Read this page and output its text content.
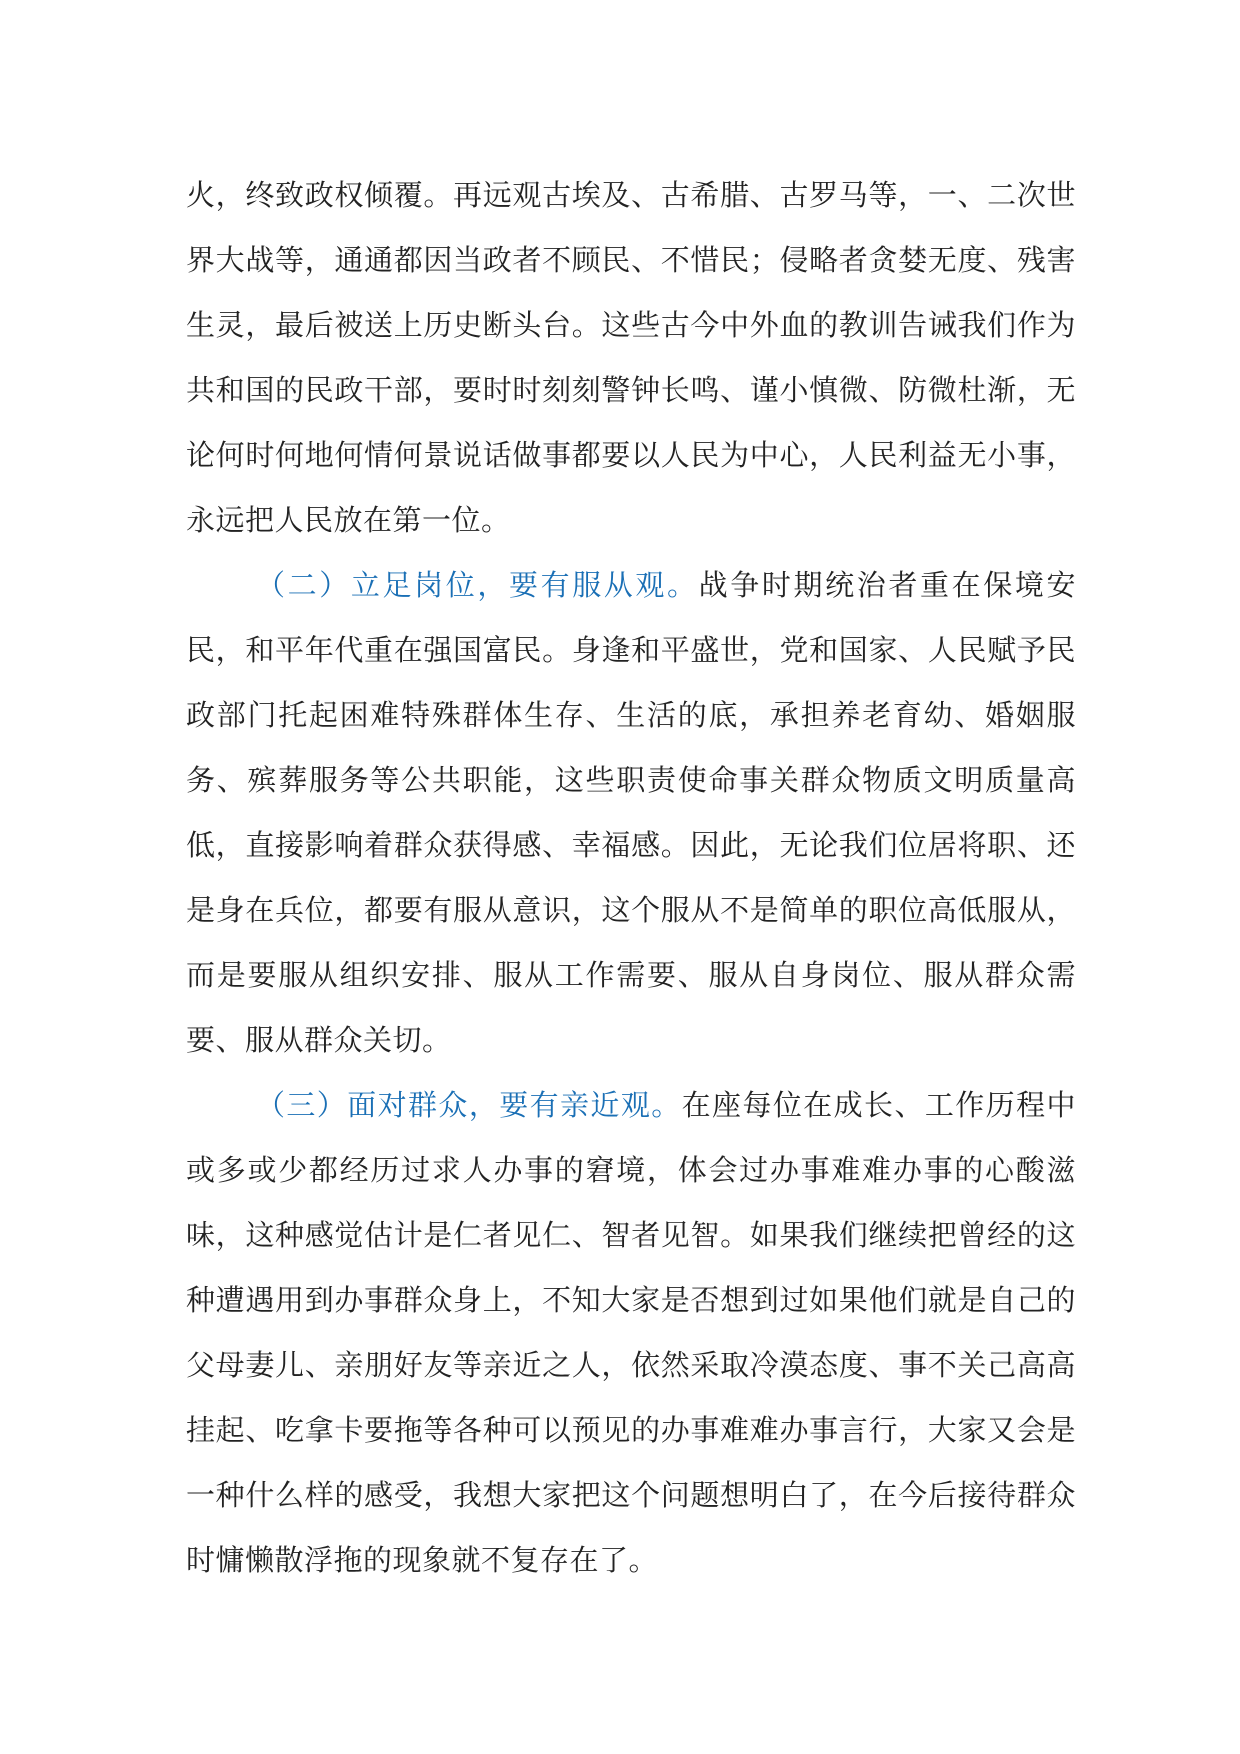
火，终致政权倾覆。再远观古埃及、古希腊、古罗马等，一、二次世界大战等，通通都因当政者不顾民、不惜民；侵略者贪婪无度、残害生灵，最后被送上历史断头台。这些古今中外血的教训告诫我们作为共和国的民政干部，要时时刻刻警钟长鸣、谨小慎微、防微杜渐，无论何时何地何情何景说话做事都要以人民为中心，人民利益无小事，永远把人民放在第一位。

（二）立足岗位，要有服从观。战争时期统治者重在保境安民，和平年代重在强国富民。身逢和平盛世，党和国家、人民赋予民政部门托起困难特殊群体生存、生活的底，承担养老育幼、婚姻服务、殡葬服务等公共职能，这些职责使命事关群众物质文明质量高低，直接影响着群众获得感、幸福感。因此，无论我们位居将职、还是身在兵位，都要有服从意识，这个服从不是简单的职位高低服从，而是要服从组织安排、服从工作需要、服从自身岗位、服从群众需要、服从群众关切。

（三）面对群众，要有亲近观。在座每位在成长、工作历程中或多或少都经历过求人办事的窘境，体会过办事难难办事的心酸滋味，这种感觉估计是仁者见仁、智者见智。如果我们继续把曾经的这种遭遇用到办事群众身上，不知大家是否想到过如果他们就是自己的父母妻儿、亲朋好友等亲近之人，依然采取冷漠态度、事不关己高高挂起、吃拿卡要拖等各种可以预见的办事难难办事言行，大家又会是一种什么样的感受，我想大家把这个问题想明白了，在今后接待群众时慵懒散浮拖的现象就不复存在了。
